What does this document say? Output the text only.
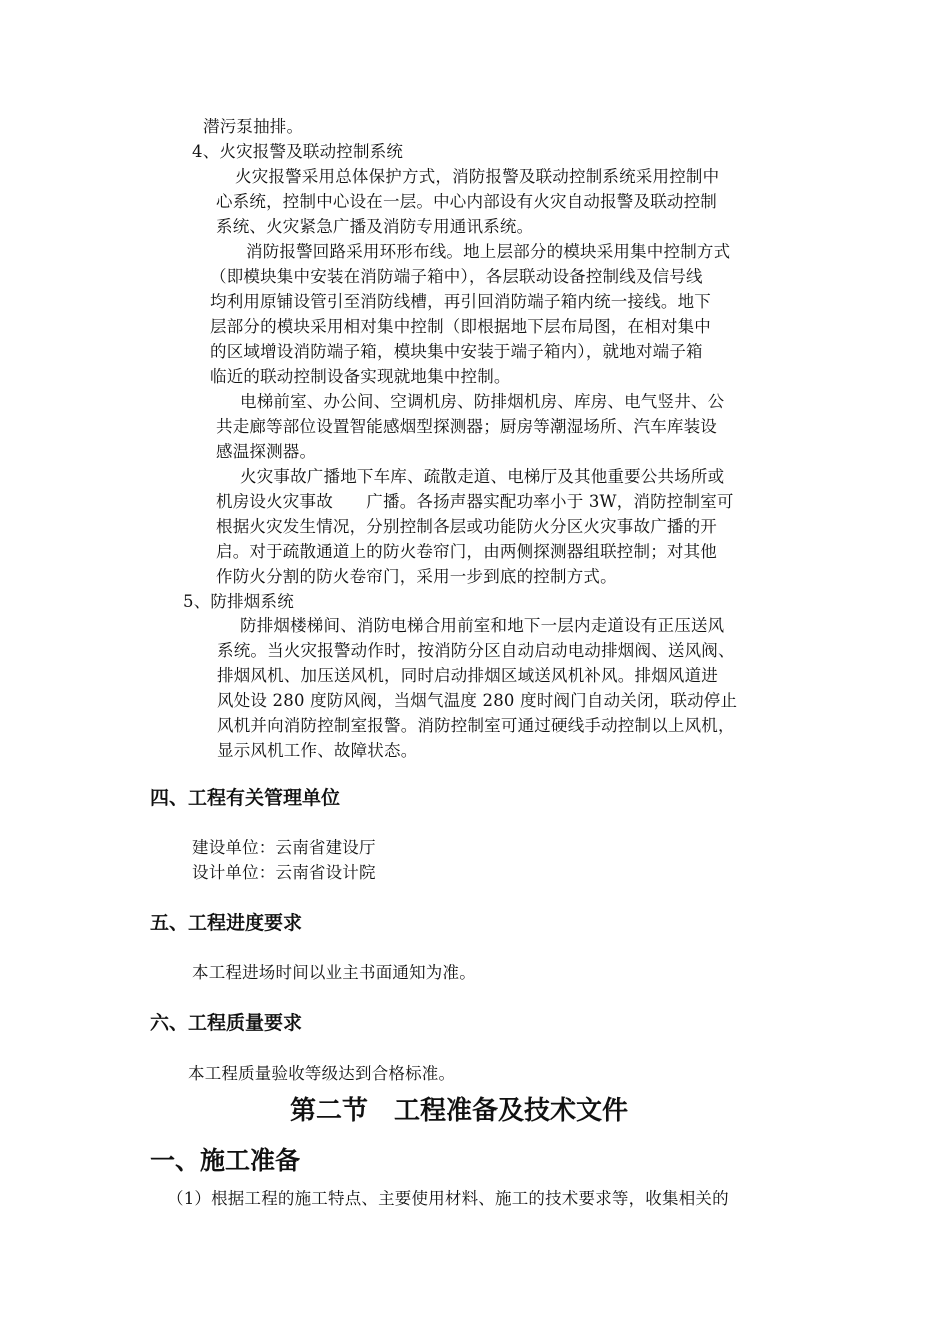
潜污泵抽排。
4、火灾报警及联动控制系统
火灾报警采用总体保护方式，消防报警及联动控制系统采用控制中
心系统，控制中心设在一层。中心内部设有火灾自动报警及联动控制
系统、火灾紧急广播及消防专用通讯系统。
消防报警回路采用环形布线。地上层部分的模块采用集中控制方式
（即模块集中安装在消防端子箱中），各层联动设备控制线及信号线
均利用原铺设管引至消防线槽，再引回消防端子箱内统一接线。地下
层部分的模块采用相对集中控制（即根据地下层布局图，在相对集中
的区域增设消防端子箱，模块集中安装于端子箱内），就地对端子箱
临近的联动控制设备实现就地集中控制。
电梯前室、办公间、空调机房、防排烟机房、库房、电气竖井、公
共走廊等部位设置智能感烟型探测器；厨房等潮湿场所、汽车库装设
感温探测器。
火灾事故广播地下车库、疏散走道、电梯厅及其他重要公共场所或
机房设火灾事故　　广播。各扬声器实配功率小于 3W，消防控制室可
根据火灾发生情况，分别控制各层或功能防火分区火灾事故广播的开
启。对于疏散通道上的防火卷帘门，由两侧探测器组联控制；对其他
作防火分割的防火卷帘门，采用一步到底的控制方式。
5、防排烟系统
防排烟楼梯间、消防电梯合用前室和地下一层内走道设有正压送风
系统。当火灾报警动作时，按消防分区自动启动电动排烟阀、送风阀、
排烟风机、加压送风机，同时启动排烟区域送风机补风。排烟风道进
风处设 280 度防风阀，当烟气温度 280 度时阀门自动关闭，联动停止
风机并向消防控制室报警。消防控制室可通过硬线手动控制以上风机，
显示风机工作、故障状态。
四、工程有关管理单位
建设单位：云南省建设厅
设计单位：云南省设计院
五、工程进度要求
本工程进场时间以业主书面通知为准。
六、工程质量要求
本工程质量验收等级达到合格标准。
第二节　工程准备及技术文件
一、施工准备
（1）根据工程的施工特点、主要使用材料、施工的技术要求等，收集相关的
